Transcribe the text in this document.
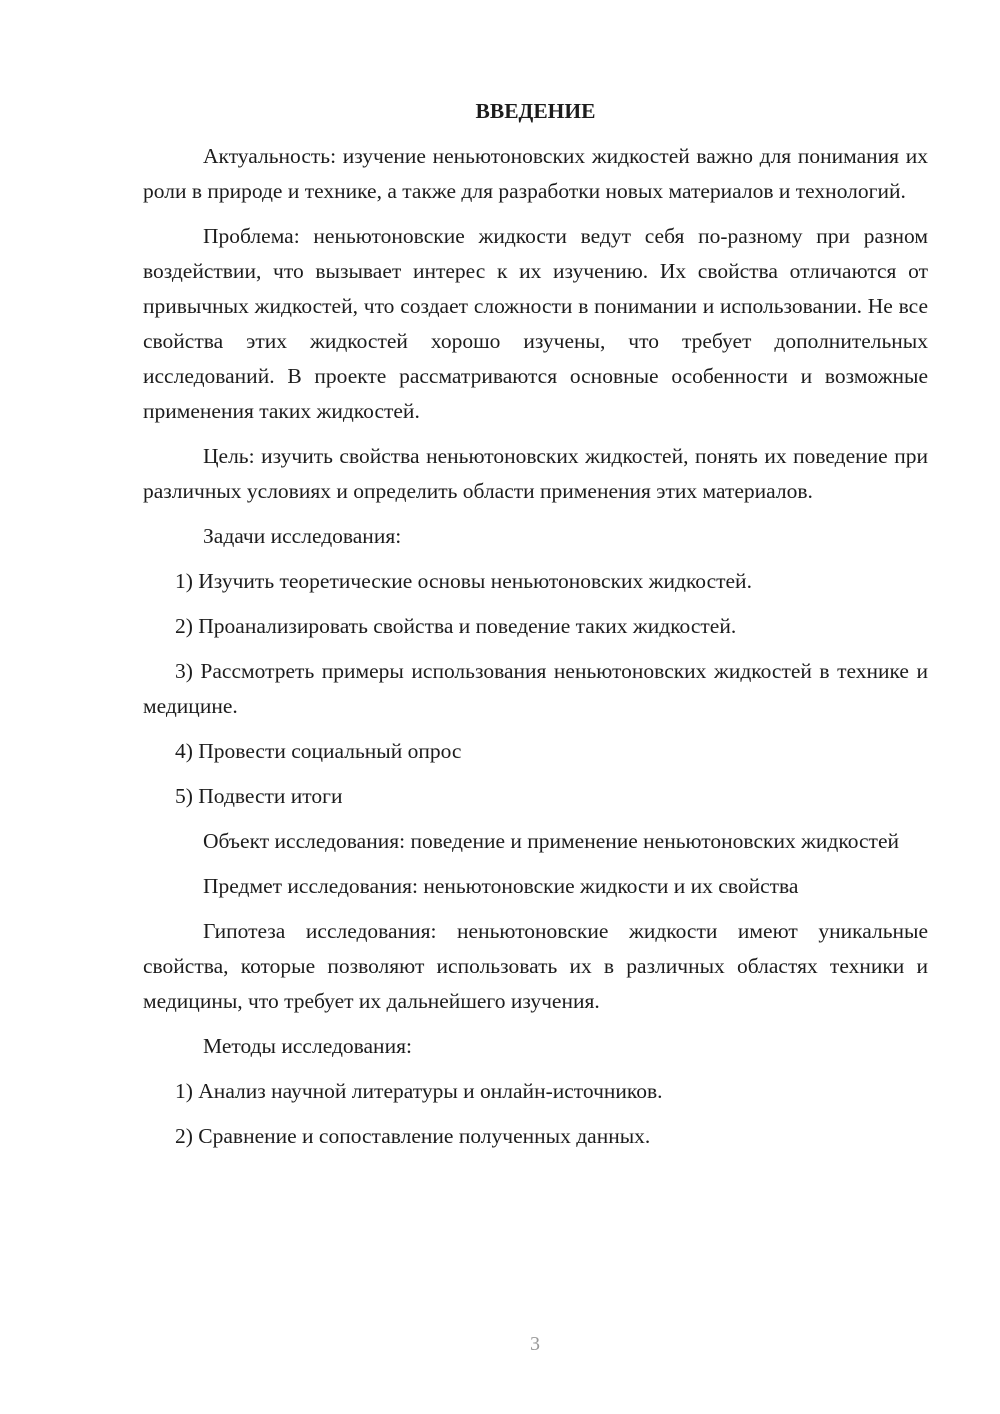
ВВЕДЕНИЕ

Актуальность: изучение неньютоновских жидкостей важно для понимания их роли в природе и технике, а также для разработки новых материалов и технологий.

Проблема: неньютоновские жидкости ведут себя по-разному при разном воздействии, что вызывает интерес к их изучению. Их свойства отличаются от привычных жидкостей, что создает сложности в понимании и использовании. Не все свойства этих жидкостей хорошо изучены, что требует дополнительных исследований. В проекте рассматриваются основные особенности и возможные применения таких жидкостей.

Цель: изучить свойства неньютоновских жидкостей, понять их поведение при различных условиях и определить области применения этих материалов.

Задачи исследования:

1) Изучить теоретические основы неньютоновских жидкостей.

2) Проанализировать свойства и поведение таких жидкостей.

3) Рассмотреть примеры использования неньютоновских жидкостей в технике и медицине.

4) Провести социальный опрос

5) Подвести итоги

Объект исследования: поведение и применение неньютоновских жидкостей

Предмет исследования: неньютоновские жидкости и их свойства

Гипотеза исследования: неньютоновские жидкости имеют уникальные свойства, которые позволяют использовать их в различных областях техники и медицины, что требует их дальнейшего изучения.

Методы исследования:

1) Анализ научной литературы и онлайн-источников.

2) Сравнение и сопоставление полученных данных.

3
